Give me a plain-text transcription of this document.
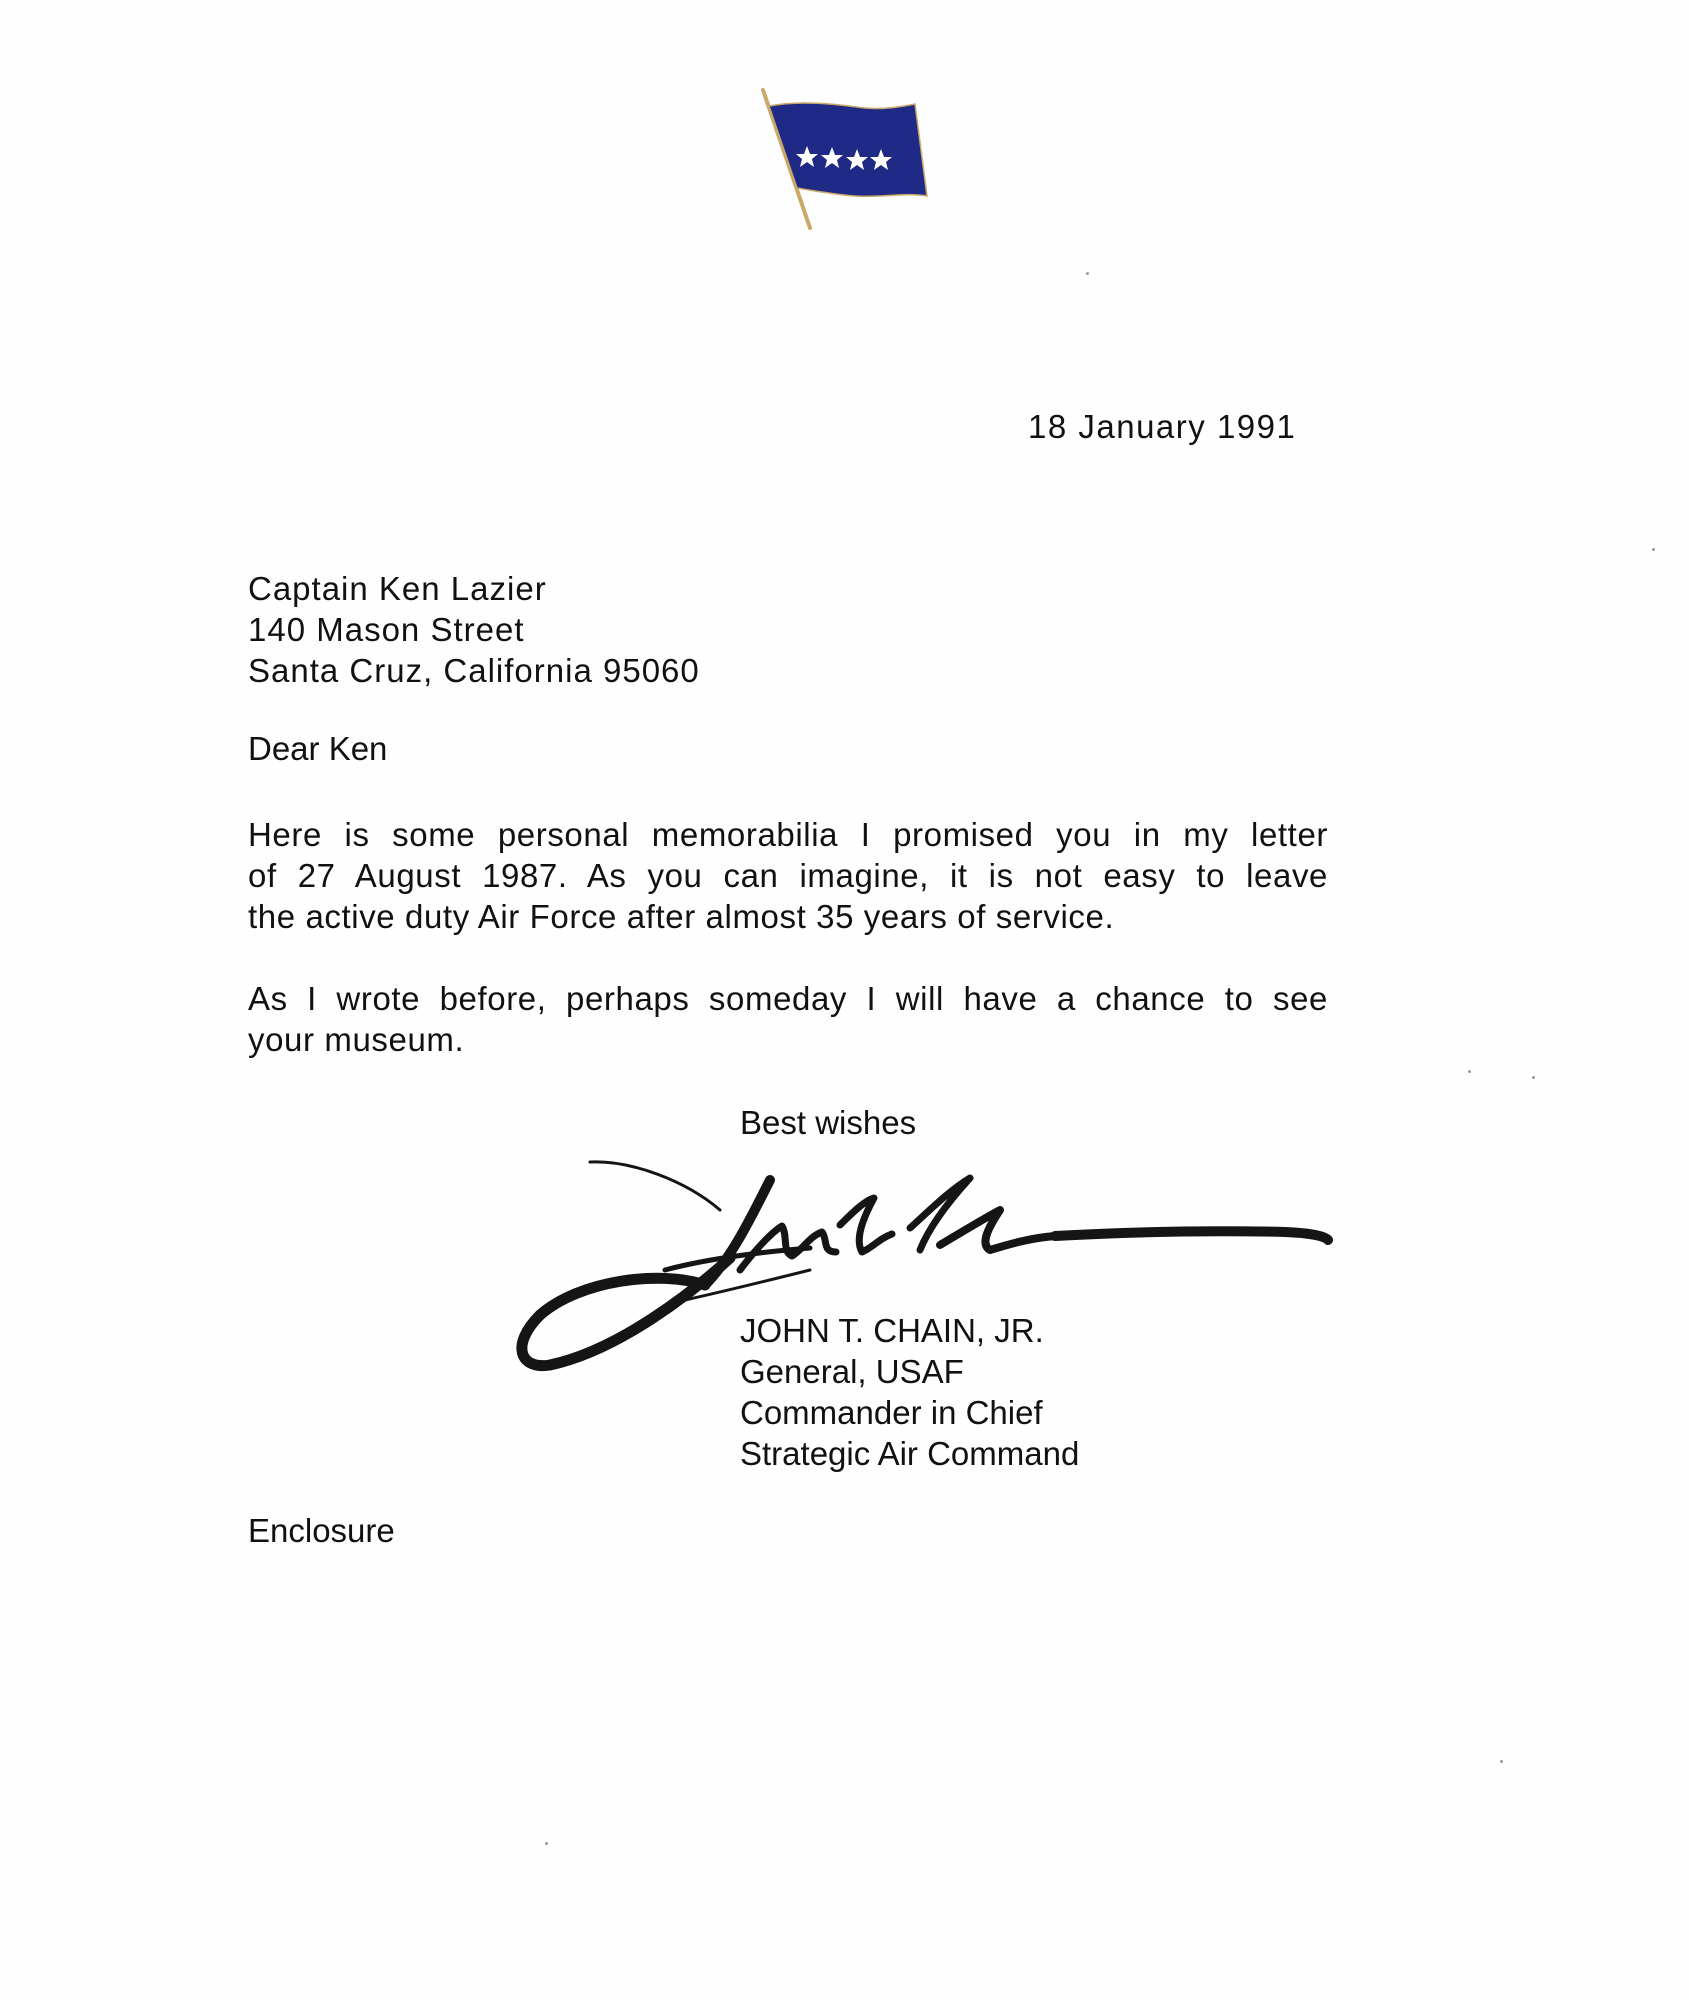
18 January 1991
Captain Ken Lazier
140 Mason Street
Santa Cruz, California 95060
Dear Ken
Here is some personal memorabilia I promised you in my letter
of 27 August 1987. As you can imagine, it is not easy to leave
the active duty Air Force after almost 35 years of service.
As I wrote before, perhaps someday I will have a chance to see
your museum.
Best wishes
JOHN T. CHAIN, JR.
General, USAF
Commander in Chief
Strategic Air Command
Enclosure
